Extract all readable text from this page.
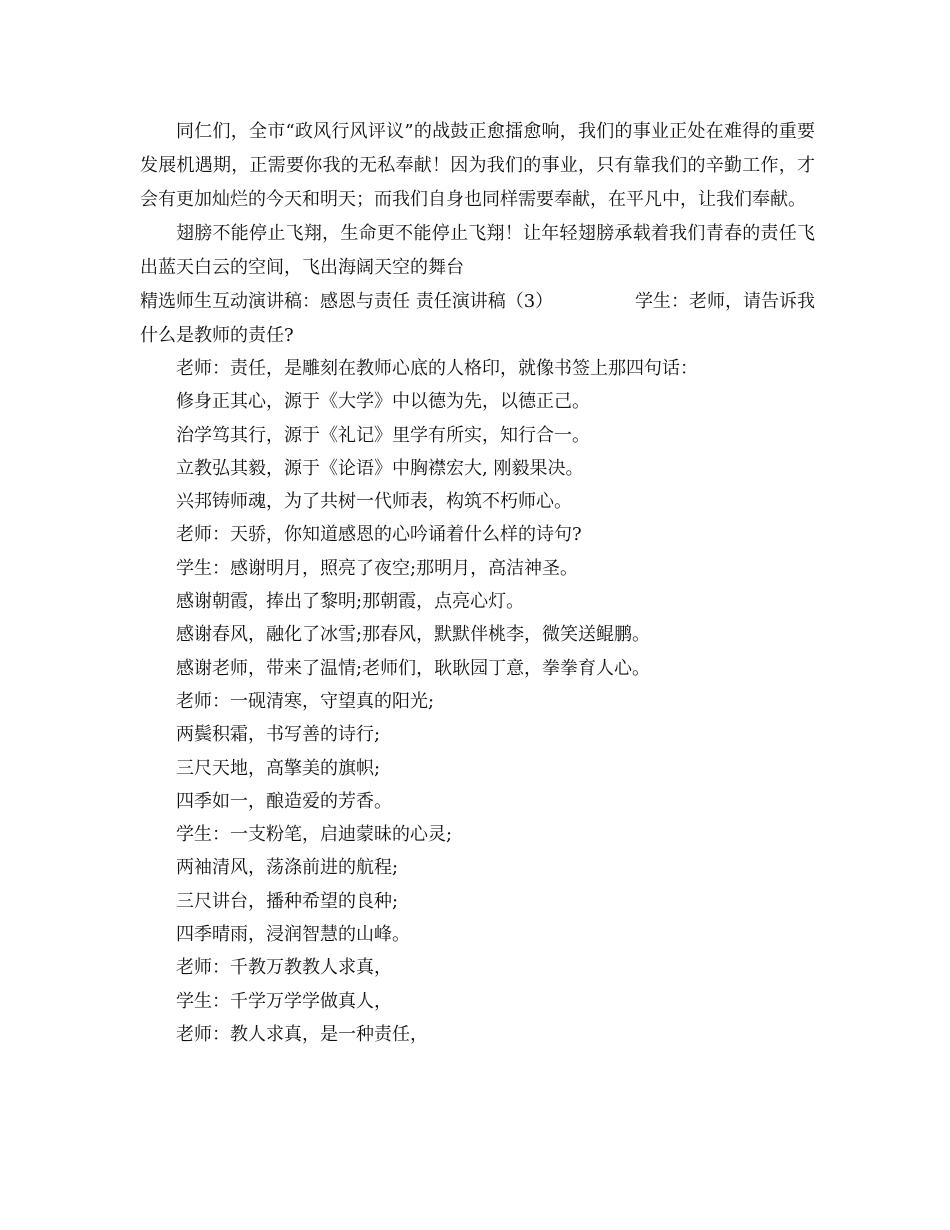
同仁们，全市“政风行风评议”的战鼓正愈擂愈响，我们的事业正处在难得的重要发展机遇期，正需要你我的无私奉献！因为我们的事业，只有靠我们的辛勤工作，才会有更加灿烂的今天和明天；而我们自身也同样需要奉献，在平凡中，让我们奉献。

翅膀不能停止飞翔，生命更不能停止飞翔！让年轻翅膀承载着我们青春的责任飞出蓝天白云的空间，飞出海阔天空的舞台

精选师生互动演讲稿：感恩与责任 责任演讲稿（3）	学生：老师，请告诉我
什么是教师的责任?

老师：责任，是雕刻在教师心底的人格印，就像书签上那四句话：

修身正其心，源于《大学》中以德为先，以德正己。

治学笃其行，源于《礼记》里学有所实，知行合一。

立教弘其毅，源于《论语》中胸襟宏大, 刚毅果决。

兴邦铸师魂，为了共树一代师表，构筑不朽师心。

老师：天骄，你知道感恩的心吟诵着什么样的诗句?

学生：感谢明月，照亮了夜空;那明月，高洁神圣。

感谢朝霞，捧出了黎明;那朝霞，点亮心灯。

感谢春风，融化了冰雪;那春风，默默伴桃李，微笑送鲲鹏。

感谢老师，带来了温情;老师们，耿耿园丁意，拳拳育人心。

老师：一砚清寒，守望真的阳光;

两鬓积霜，书写善的诗行;

三尺天地，高擎美的旗帜;

四季如一，酿造爱的芳香。

学生：一支粉笔，启迪蒙昧的心灵;

两袖清风，荡涤前进的航程;

三尺讲台，播种希望的良种;

四季晴雨，浸润智慧的山峰。

老师：千教万教教人求真，

学生：千学万学学做真人，

老师：教人求真，是一种责任，
